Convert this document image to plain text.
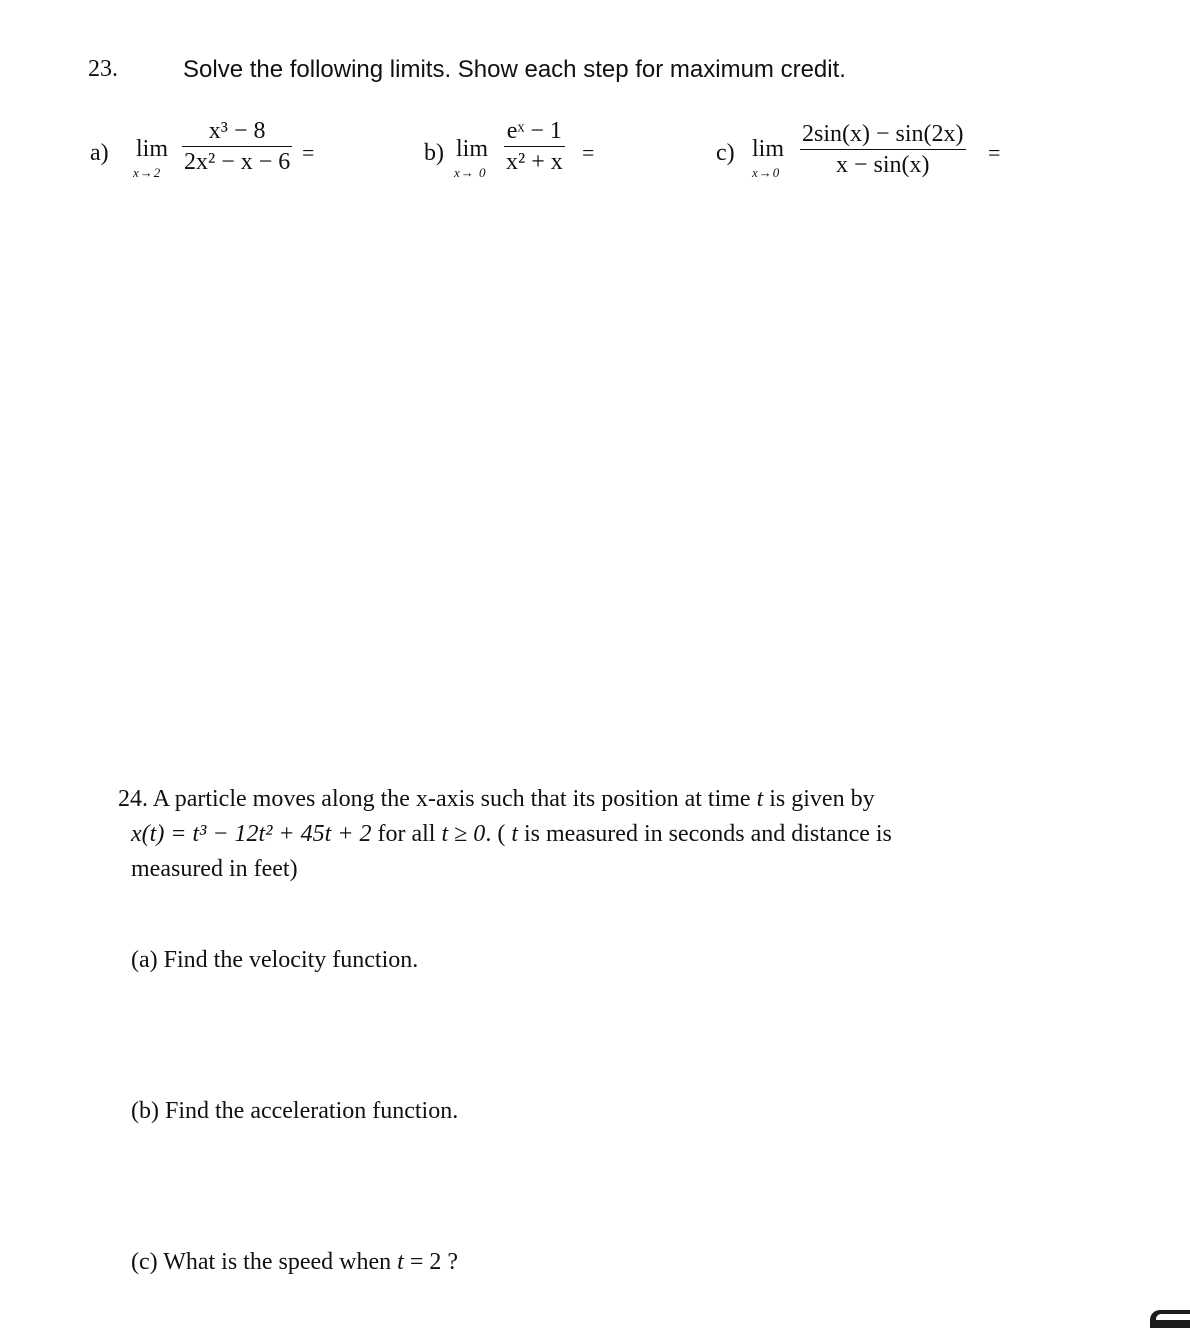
23.	Solve the following limits. Show each step for maximum credit.
a) lim
x→2
x³ − 8
2x² − x − 6 =	b) lim
x→ 0
eˣ − 1
x² + x =	c) lim
x→0
2sin(x) − sin(2x)
x − sin(x)	=
24. A particle moves along the x-axis such that its position at time t is given by
x(t) = t³ − 12t² + 45t + 2 for all t ≥ 0. ( t is measured in seconds and distance is
measured in feet)
(a) Find the velocity function.
(b) Find the acceleration function.
(c) What is the speed when t = 2 ?
